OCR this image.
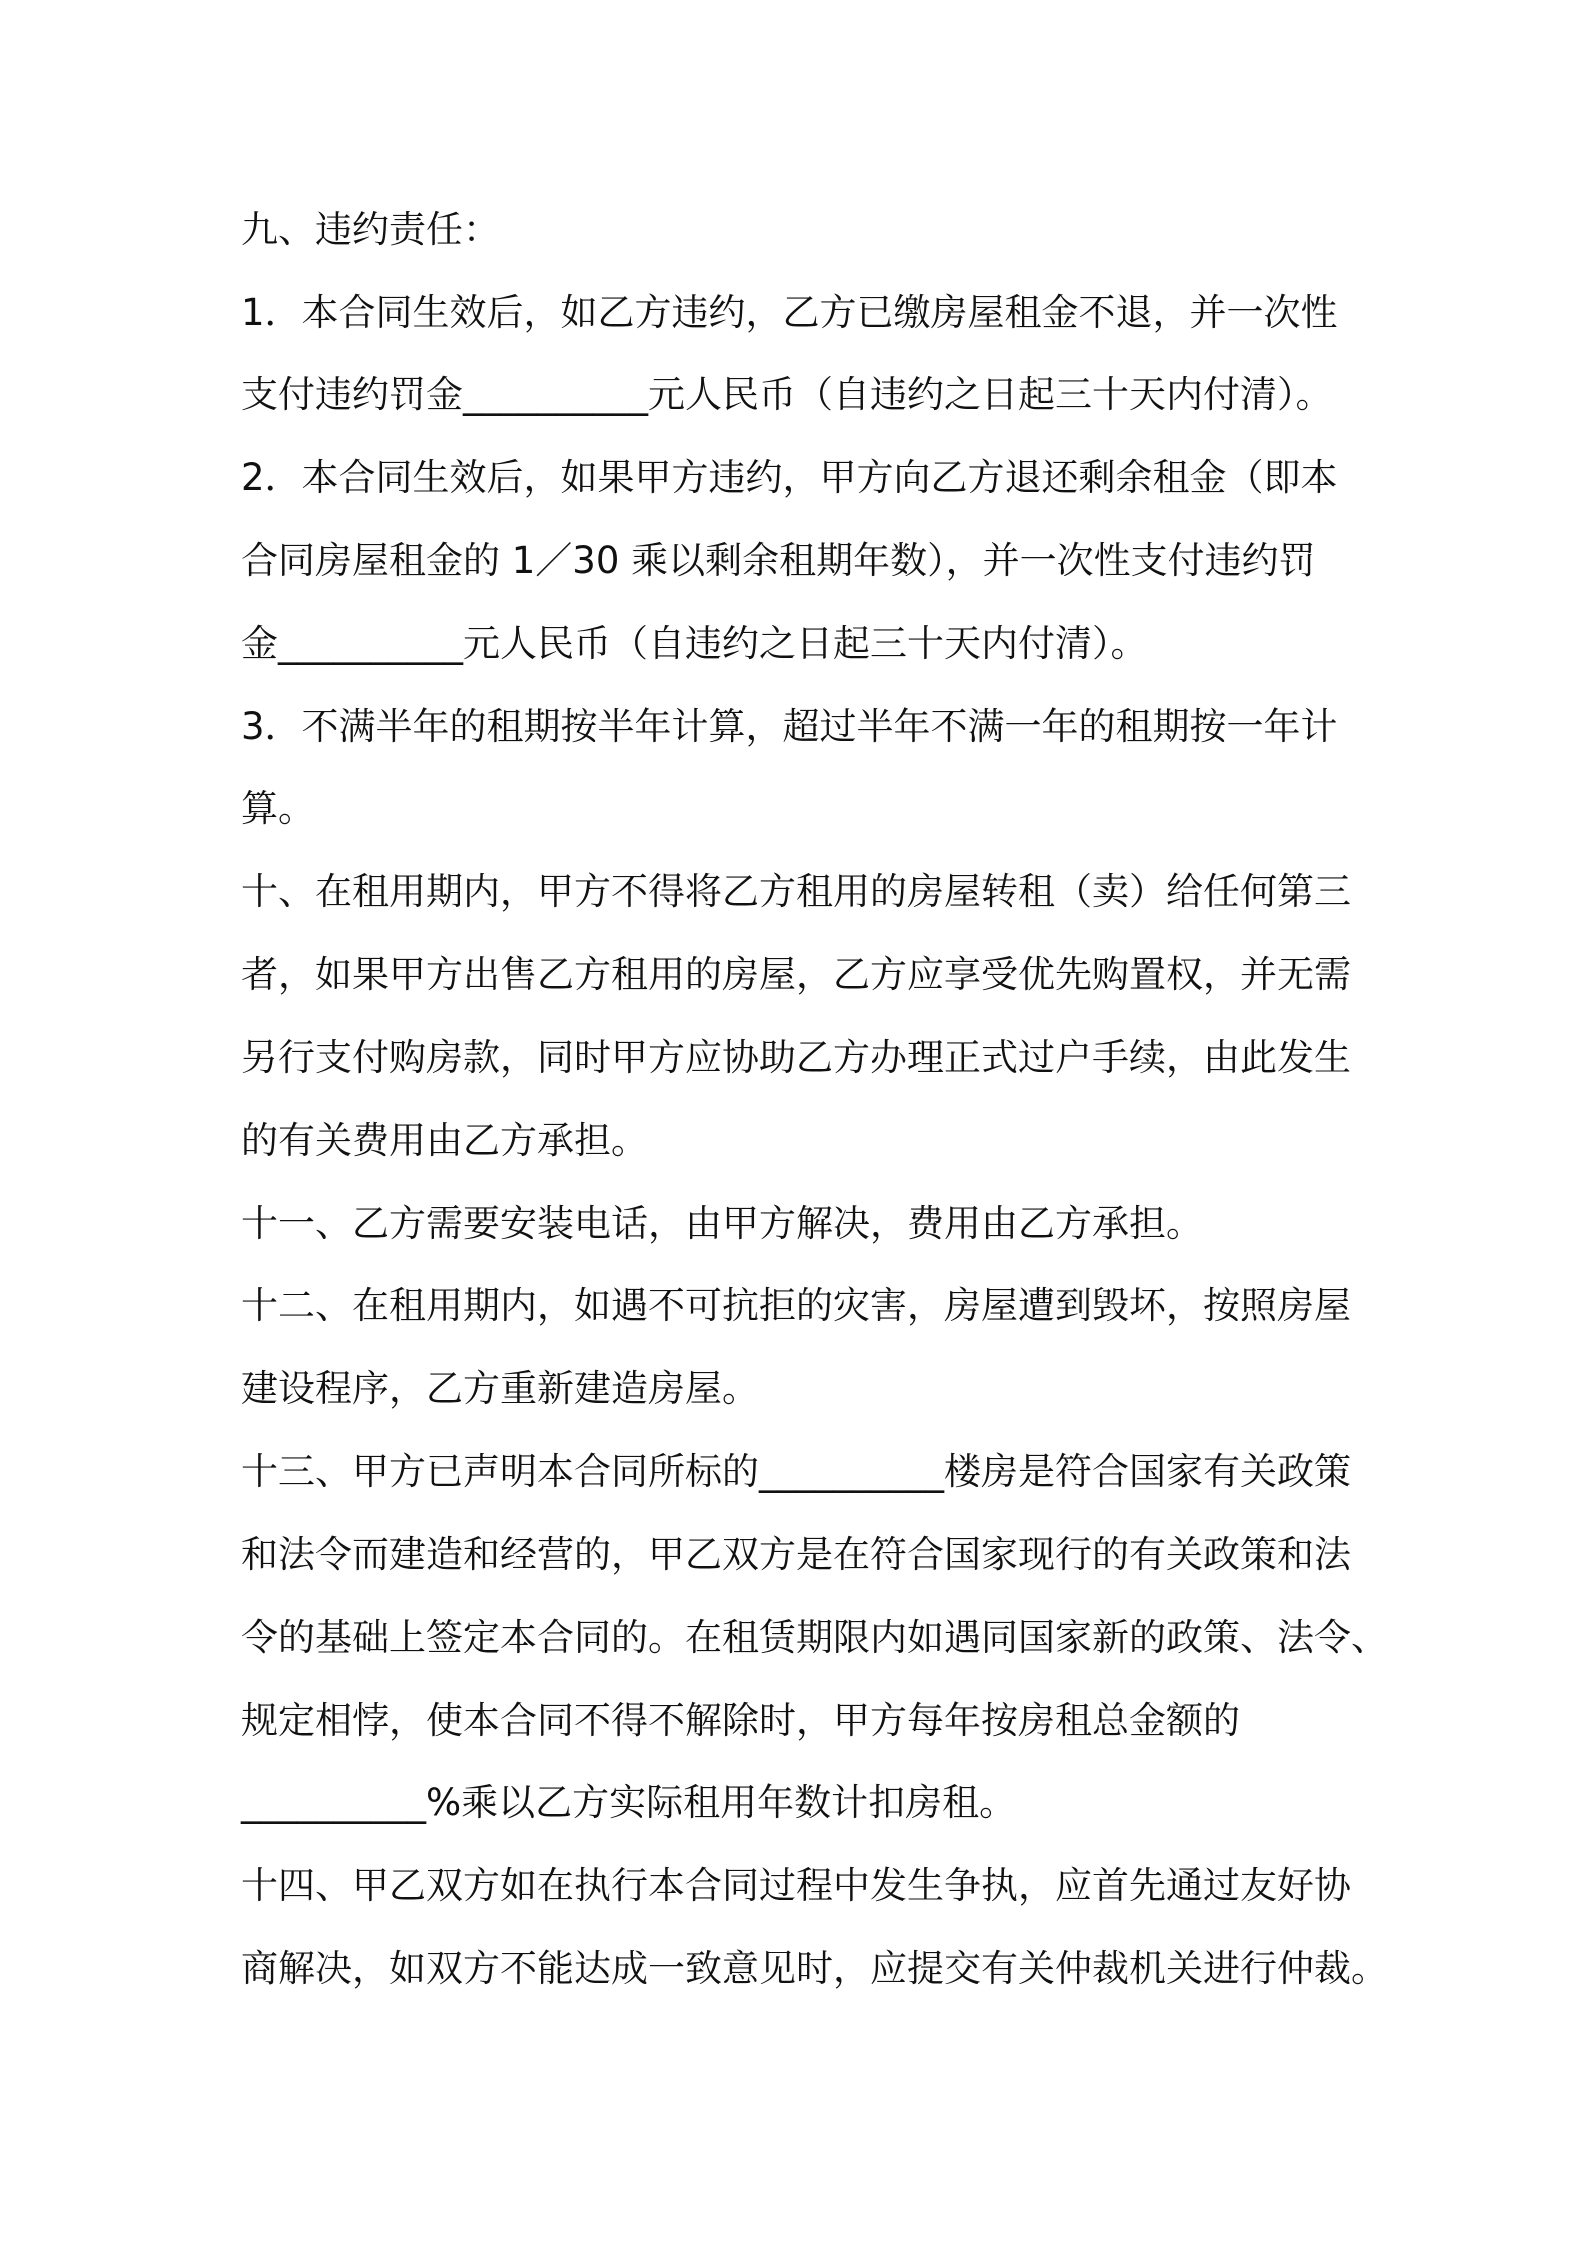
九、违约责任：
1．本合同生效后，如乙方违约，乙方已缴房屋租金不退，并一次性
支付违约罚金__________元人民币（自违约之日起三十天内付清）。
2．本合同生效后，如果甲方违约，甲方向乙方退还剩余租金（即本
合同房屋租金的 1／30 乘以剩余租期年数），并一次性支付违约罚
金__________元人民币（自违约之日起三十天内付清）。
3．不满半年的租期按半年计算，超过半年不满一年的租期按一年计
算。
十、在租用期内，甲方不得将乙方租用的房屋转租（卖）给任何第三
者，如果甲方出售乙方租用的房屋，乙方应享受优先购置权，并无需
另行支付购房款，同时甲方应协助乙方办理正式过户手续，由此发生
的有关费用由乙方承担。
十一、乙方需要安装电话，由甲方解决，费用由乙方承担。
十二、在租用期内，如遇不可抗拒的灾害，房屋遭到毁坏，按照房屋
建设程序，乙方重新建造房屋。
十三、甲方已声明本合同所标的__________楼房是符合国家有关政策
和法令而建造和经营的，甲乙双方是在符合国家现行的有关政策和法
令的基础上签定本合同的。在租赁期限内如遇同国家新的政策、法令、
规定相悖，使本合同不得不解除时，甲方每年按房租总金额的
__________%乘以乙方实际租用年数计扣房租。
十四、甲乙双方如在执行本合同过程中发生争执，应首先通过友好协
商解决，如双方不能达成一致意见时，应提交有关仲裁机关进行仲裁。
